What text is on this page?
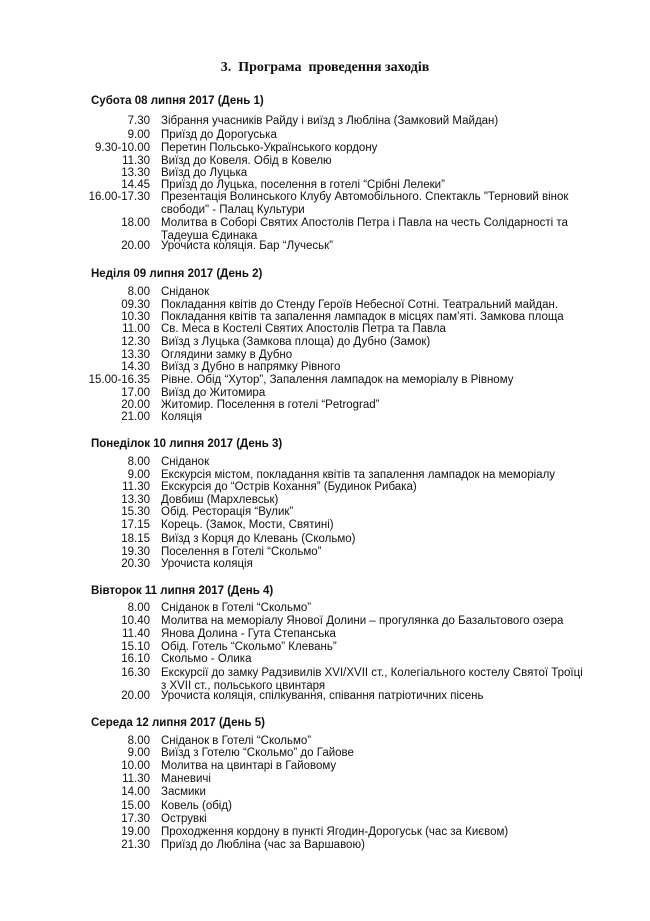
3.  Програма  проведення заходів
Субота 08 липня 2017 (День 1)
7.30 Зібрання учасників Райду і виїзд з Любліна (Замковий Майдан)
9.00 Приїзд до Дорогуська
9.30-10.00 Перетин Польсько-Українського кордону
11.30 Виїзд до Ковеля. Обід в Ковелю
13.30 Виїзд до Луцька
14.45 Приїзд до Луцька, поселення в готелі “Срібні Лелеки”
16.00-17.30 Презентація Волинського Клубу Автомобільного. Спектакль "Терновий вінок свободи" - Палац Культури
18.00 Молитва в Соборі Святих Апостолів Петра і Павла на честь Солідарності та Тадеуша Єдинака
20.00 Урочиста коляція. Бар “Лучеськ”
Неділя 09 липня 2017 (День 2)
8.00 Сніданок
09.30 Покладання квітів до Стенду Героїв Небесної Сотні. Театральний майдан.
10.30 Покладання квітів та запалення лампадок в місцях пам’яті. Замкова площа
11.00 Св. Меса в Костелі Святих Апостолів Петра та Павла
12.30 Виїзд з Луцька (Замкова площа) до Дубно (Замок)
13.30 Оглядини замку в Дубно
14.30 Виїзд з Дубно в напрямку Рівного
15.00-16.35 Рівне. Обід “Хутор”, Запалення лампадок на меморіалу в Рівному
17.00 Виїзд до Житомира
20.00 Житомир. Поселення в готелі “Petrograd”
21.00 Коляція
Понеділок 10 липня 2017 (День 3)
8.00 Сніданок
9.00 Екскурсія містом, покладання квітів та запалення лампадок на меморіалу
11.30 Екскурсія до “Острів Кохання” (Будинок Рибака)
13.30 Довбиш (Мархлевськ)
15.30 Обід. Ресторація “Вулик”
17.15 Корець. (Замок, Мости, Святині)
18.15 Виїзд з Корця до Клевань (Скольмо)
19.30 Поселення в Готелі “Скольмо”
20.30 Урочиста коляція
Вівторок 11 липня 2017 (День 4)
8.00 Сніданок в Готелі “Скольмо”
10.40 Молитва на меморіалу Янової Долини – прогулянка до Базальтового озера
11.40 Янова Долина - Гута Степанська
15.10 Обід. Готель “Скольмо” Клевань”
16.10 Скольмо - Олика
16.30 Екскурсії до замку Радзивилів XVI/XVII ст., Колегіального костелу Святої Троїці з XVII ст., польського цвинтаря
20.00 Урочиста коляція, спілкування, співання патріотичних пісень
Середа 12 липня 2017 (День 5)
8.00 Сніданок в Готелі “Скольмо”
9.00 Виїзд з Готелю “Скольмо” до Гайове
10.00 Молитва на цвинтарі в Гайовому
11.30 Маневичі
14.00 Засмики
15.00 Ковель (обід)
17.30 Острувкі
19.00 Проходження кордону в пункті Ягодин-Дорогуськ (час за Києвом)
21.30 Приїзд до Любліна (час за Варшавою)
